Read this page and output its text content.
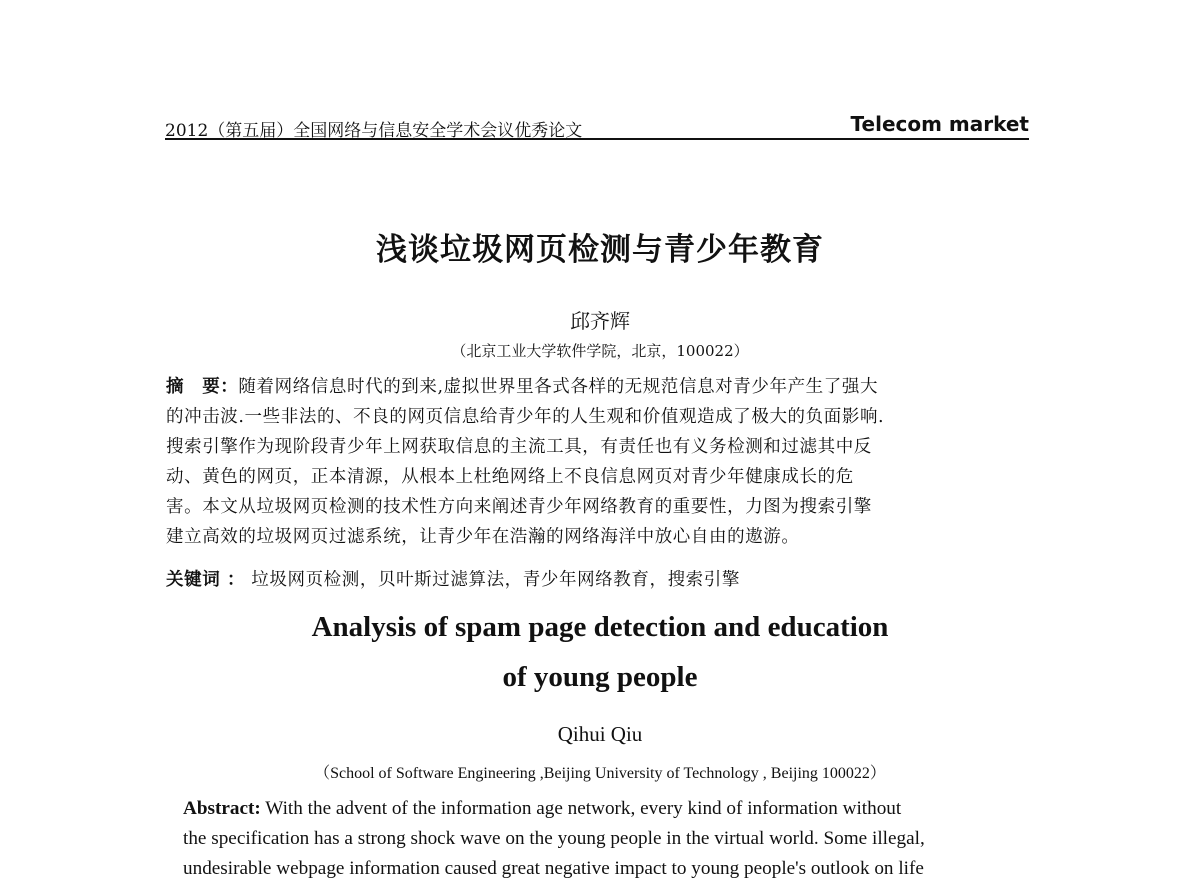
2012（第五届）全国网络与信息安全学术会议优秀论文	Telecom market
浅谈垃圾网页检测与青少年教育
邱齐辉
（北京工业大学软件学院，北京，100022）

摘　要：随着网络信息时代的到来,虚拟世界里各式各样的无规范信息对青少年产生了强大

的冲击波.一些非法的、不良的网页信息给青少年的人生观和价值观造成了极大的负面影响.

搜索引擎作为现阶段青少年上网获取信息的主流工具，有责任也有义务检测和过滤其中反

动、黄色的网页，正本清源，从根本上杜绝网络上不良信息网页对青少年健康成长的危

害。本文从垃圾网页检测的技术性方向来阐述青少年网络教育的重要性，力图为搜索引擎

建立高效的垃圾网页过滤系统，让青少年在浩瀚的网络海洋中放心自由的遨游。

关键词 ： 垃圾网页检测，贝叶斯过滤算法，青少年网络教育，搜索引擎
Analysis of spam page detection and education
of young people
Qihui Qiu
（School of Software Engineering ,Beijing University of Technology , Beijing 100022）

Abstract: With the advent of the information age network, every kind of information without

the specification has a strong shock wave on the young people in the virtual world. Some illegal,

undesirable webpage information caused great negative impact to young people's outlook on life
